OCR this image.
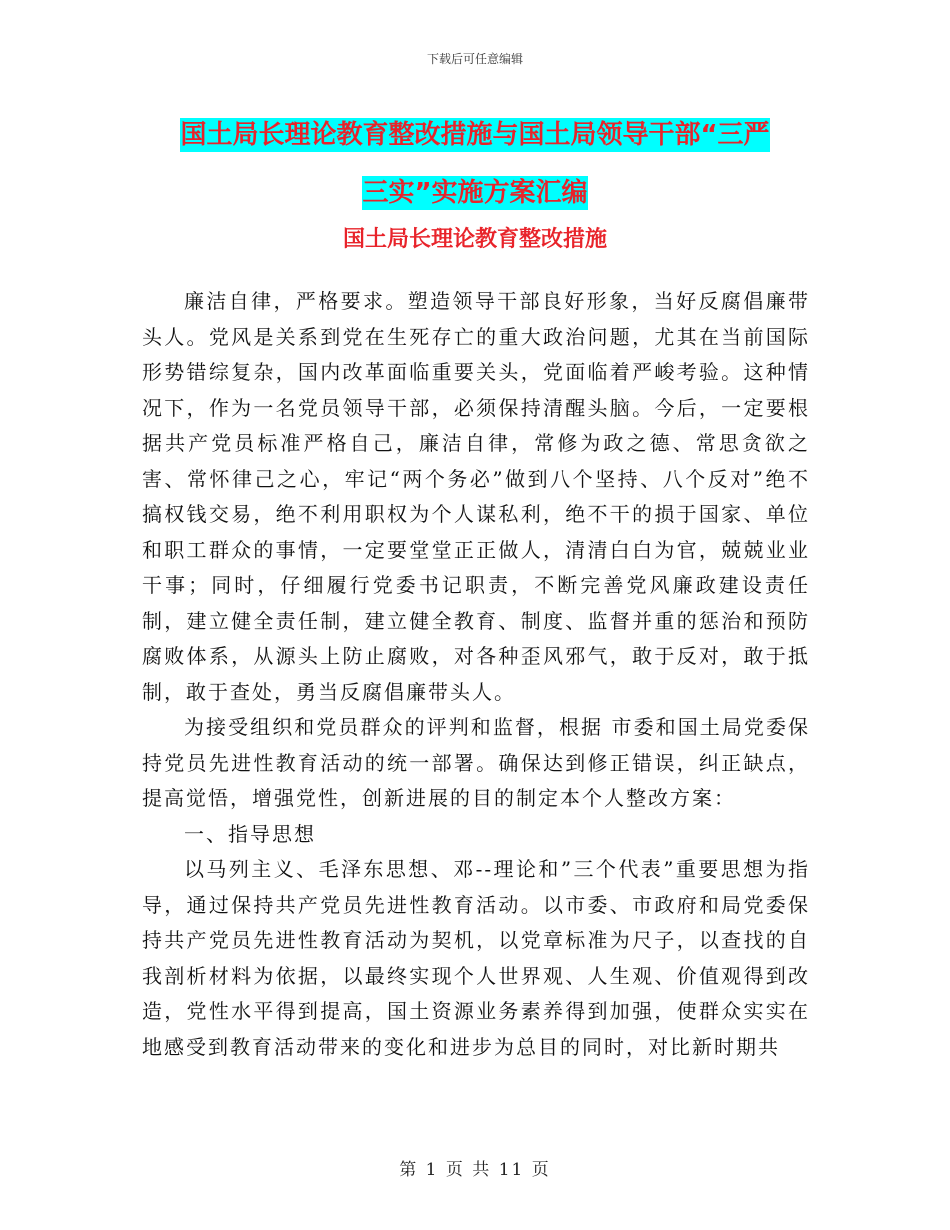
下载后可任意编辑
国土局长理论教育整改措施与国土局领导干部“三严
三实”实施方案汇编
国土局长理论教育整改措施

廉洁自律，严格要求。塑造领导干部良好形象，当好反腐倡廉带头人。党风是关系到党在生死存亡的重大政治问题，尤其在当前国际形势错综复杂，国内改革面临重要关头，党面临着严峻考验。这种情况下，作为一名党员领导干部，必须保持清醒头脑。今后，一定要根据共产党员标准严格自己，廉洁自律，常修为政之德、常思贪欲之害、常怀律己之心，牢记“两个务必”做到八个坚持、八个反对”绝不搞权钱交易，绝不利用职权为个人谋私利，绝不干的损于国家、单位和职工群众的事情，一定要堂堂正正做人，清清白白为官，兢兢业业干事；同时，仔细履行党委书记职责，不断完善党风廉政建设责任制，建立健全责任制，建立健全教育、制度、监督并重的惩治和预防腐败体系，从源头上防止腐败，对各种歪风邪气，敢于反对，敢于抵制，敢于查处，勇当反腐倡廉带头人。

为接受组织和党员群众的评判和监督，根据 市委和国土局党委保持党员先进性教育活动的统一部署。确保达到修正错误，纠正缺点，提高觉悟，增强党性，创新进展的目的制定本个人整改方案：

一、指导思想

以马列主义、毛泽东思想、邓--理论和”三个代表”重要思想为指导，通过保持共产党员先进性教育活动。以市委、市政府和局党委保持共产党员先进性教育活动为契机，以党章标准为尺子，以查找的自我剖析材料为依据，以最终实现个人世界观、人生观、价值观得到改造，党性水平得到提高，国土资源业务素养得到加强，使群众实实在地感受到教育活动带来的变化和进步为总目的同时，对比新时期共

第 1 页 共 11 页
